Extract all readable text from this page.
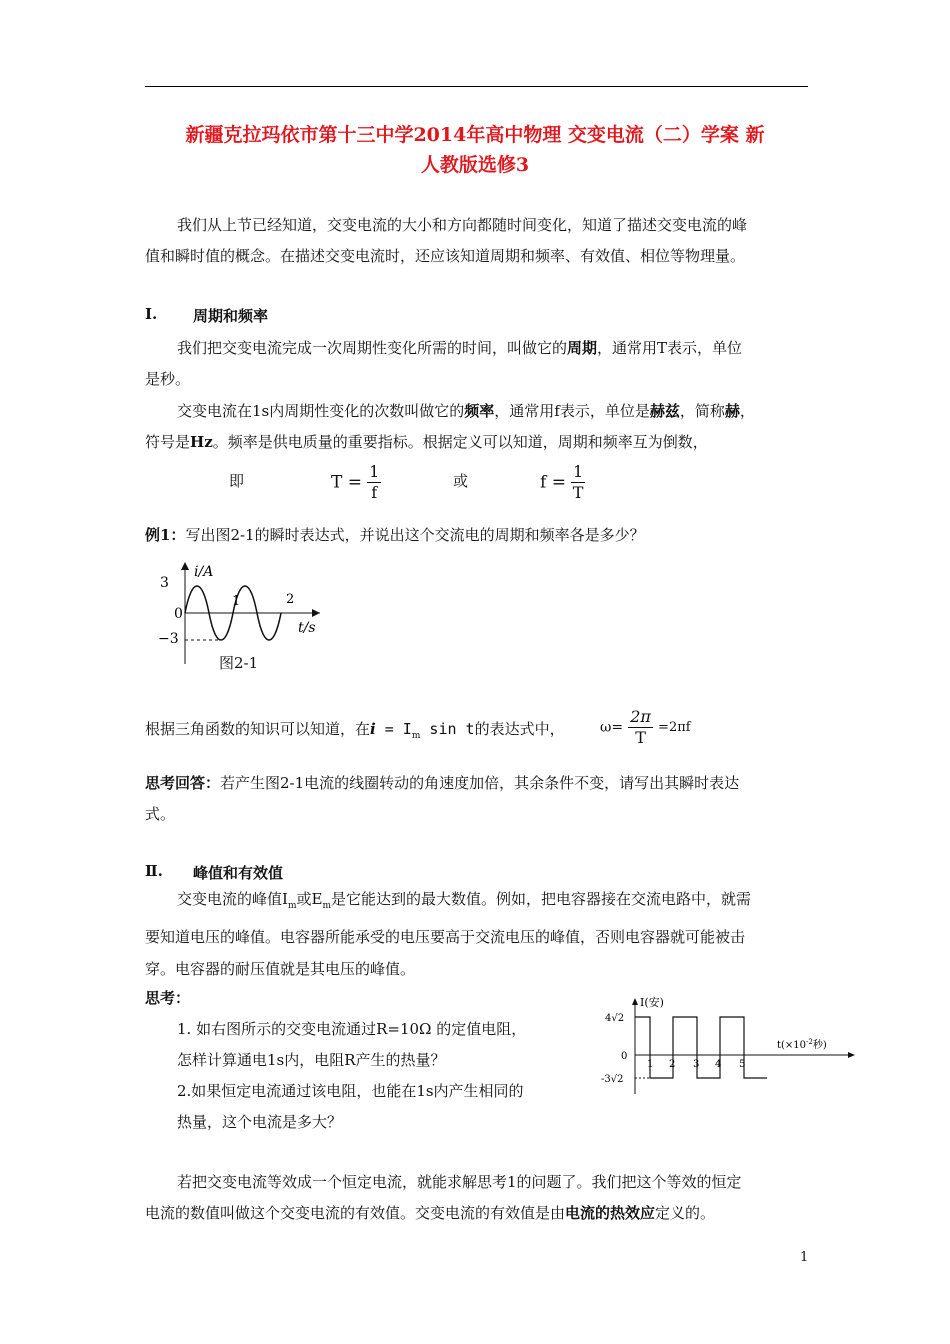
新疆克拉玛依市第十三中学2014年高中物理 交变电流（二）学案 新
人教版选修3
我们从上节已经知道，交变电流的大小和方向都随时间变化，知道了描述交变电流的峰
值和瞬时值的概念。在描述交变电流时，还应该知道周期和频率、有效值、相位等物理量。
Ⅰ. 周期和频率
我们把交变电流完成一次周期性变化所需的时间，叫做它的周期，通常用T表示，单位
是秒。
交变电流在1s内周期性变化的次数叫做它的频率，通常用f表示，单位是赫兹，简称赫，
符号是Hz。频率是供电质量的重要指标。根据定义可以知道，周期和频率互为倒数，
即	$T = \frac{1}{f}$	或	$f = \frac{1}{T}$
例1：写出图2-1的瞬时表达式，并说出这个交流电的周期和频率各是多少？
i/A
t/s
3
0
−3
1	2
图2-1
根据三角函数的知识可以知道，在$i = I_m$ sin t的表达式中，	$\omega= \frac{2\pi}{T} =2\pi f$
思考回答：若产生图2-1电流的线圈转动的角速度加倍，其余条件不变，请写出其瞬时表达
式。
Ⅱ. 峰值和有效值
交变电流的峰值$I_m$或$E_m$是它能达到的最大数值。例如，把电容器接在交流电路中，就需
要知道电压的峰值。电容器所能承受的电压要高于交流电压的峰值，否则电容器就可能被击
穿。电容器的耐压值就是其电压的峰值。
思考：
1. 如右图所示的交变电流通过R=10Ω 的定值电阻，
怎样计算通电1s内，电阻R产生的热量？
2.如果恒定电流通过该电阻，也能在1s内产生相同的
热量，这个电流是多大？
I(安)
$t(\times 10^{-2}$秒)
4√2
0
-3√2
1 2 3 4 5
若把交变电流等效成一个恒定电流，就能求解思考1的问题了。我们把这个等效的恒定
电流的数值叫做这个交变电流的有效值。交变电流的有效值是由电流的热效应定义的。
1
